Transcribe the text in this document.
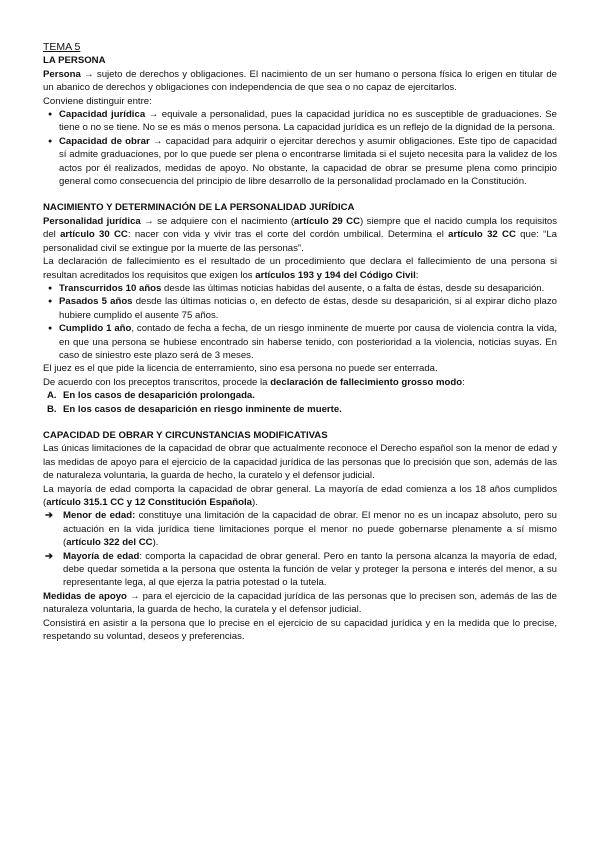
TEMA 5

LA PERSONA

Persona → sujeto de derechos y obligaciones. El nacimiento de un ser humano o persona física lo erigen en titular de un abanico de derechos y obligaciones con independencia de que sea o no capaz de ejercitarlos.

Conviene distinguir entre:

● Capacidad jurídica → equivale a personalidad, pues la capacidad jurídica no es susceptible de graduaciones. Se tiene o no se tiene. No se es más o menos persona. La capacidad jurídica es un reflejo de la dignidad de la persona.
● Capacidad de obrar → capacidad para adquirir o ejercitar derechos y asumir obligaciones. Este tipo de capacidad sí admite graduaciones, por lo que puede ser plena o encontrarse limitada si el sujeto necesita para la validez de los actos por él realizados, medidas de apoyo. No obstante, la capacidad de obrar se presume plena como principio general como consecuencia del principio de libre desarrollo de la personalidad proclamado en la Constitución.

NACIMIENTO Y DETERMINACIÓN DE LA PERSONALIDAD JURÍDICA

Personalidad jurídica → se adquiere con el nacimiento (artículo 29 CC) siempre que el nacido cumpla los requisitos del artículo 30 CC: nacer con vida y vivir tras el corte del cordón umbilical. Determina el artículo 32 CC que: “La personalidad civil se extingue por la muerte de las personas”.

La declaración de fallecimiento es el resultado de un procedimiento que declara el fallecimiento de una persona si resultan acreditados los requisitos que exigen los artículos 193 y 194 del Código Civil:

● Transcurridos 10 años desde las últimas noticias habidas del ausente, o a falta de éstas, desde su desaparición.
● Pasados 5 años desde las últimas noticias o, en defecto de éstas, desde su desaparición, si al expirar dicho plazo hubiere cumplido el ausente 75 años.
● Cumplido 1 año, contado de fecha a fecha, de un riesgo inminente de muerte por causa de violencia contra la vida, en que una persona se hubiese encontrado sin haberse tenido, con posterioridad a la violencia, noticias suyas. En caso de siniestro este plazo será de 3 meses.

El juez es el que pide la licencia de enterramiento, sino esa persona no puede ser enterrada.

De acuerdo con los preceptos transcritos, procede la declaración de fallecimiento grosso modo:

A. En los casos de desaparición prolongada.
B. En los casos de desaparición en riesgo inminente de muerte.

CAPACIDAD DE OBRAR Y CIRCUNSTANCIAS MODIFICATIVAS

Las únicas limitaciones de la capacidad de obrar que actualmente reconoce el Derecho español son la menor de edad y las medidas de apoyo para el ejercicio de la capacidad jurídica de las personas que lo precisión que son, además de las de naturaleza voluntaria, la guarda de hecho, la curatelo y el defensor judicial.

La mayoría de edad comporta la capacidad de obrar general. La mayoría de edad comienza a los 18 años cumplidos (artículo 315.1 CC y 12 Constitución Española).

➔ Menor de edad: constituye una limitación de la capacidad de obrar. El menor no es un incapaz absoluto, pero su actuación en la vida jurídica tiene limitaciones porque el menor no puede gobernarse plenamente a sí mismo (artículo 322 del CC).
➔ Mayoría de edad: comporta la capacidad de obrar general. Pero en tanto la persona alcanza la mayoría de edad, debe quedar sometida a la persona que ostenta la función de velar y proteger la persona e interés del menor, a su representante lega, al que ejerza la patria potestad o la tutela.

Medidas de apoyo → para el ejercicio de la capacidad jurídica de las personas que lo precisen son, además de las de naturaleza voluntaria, la guarda de hecho, la curatela y el defensor judicial.

Consistirá en asistir a la persona que lo precise en el ejercicio de su capacidad jurídica y en la medida que lo precise, respetando su voluntad, deseos y preferencias.
